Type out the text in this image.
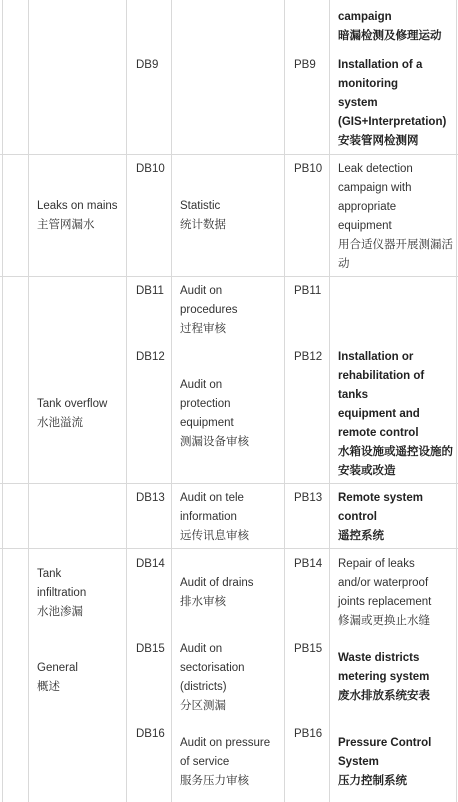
campaign
暗漏检测及修理运动
DB9	PB9 Installation of a
monitoring
system
(GIS+Interpretation)
安装管网检测网
Leaks on mains
主管网漏水
DB10
Statistic
统计数据
PB10 Leak detection
campaign with
appropriate
equipment
用合适仪器开展测漏活
动
DB11 Audit on
procedures
过程审核
PB11
Tank overflow
水池溢流
DB12
Audit on
protection
equipment
测漏设备审核
PB12 Installation or
rehabilitation of
tanks
equipment and
remote control
水箱设施或遥控设施的
安装或改造
DB13 Audit on tele
information
远传讯息审核
PB13 Remote system
control
遥控系统
Tank
infiltration
水池渗漏
DB14
Audit of drains
排水审核
PB14 Repair of leaks
and/or waterproof
joints replacement
修漏或更换止水缝
General
概述
DB15 Audit on
sectorisation
(districts)
分区测漏
PB15
Waste districts
metering system
废水排放系统安表
DB16
Audit on pressure
of service
服务压力审核
PB16
Pressure Control
System
压力控制系统
